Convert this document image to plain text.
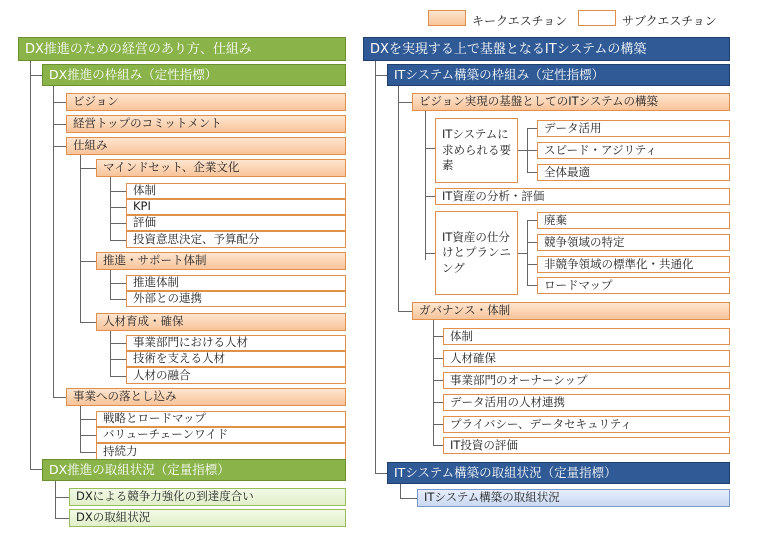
キークエスチョン	サブクエスチョン
DX推進のための経営のあり方、仕組み
DX推進の枠組み（定性指標）
ビジョン
経営トップのコミットメント
仕組み
マインドセット、企業文化
体制
KPI
評価
投資意思決定、予算配分
推進・サポート体制
推進体制
外部との連携
人材育成・確保
事業部門における人材
技術を支える人材
人材の融合
事業への落とし込み
戦略とロードマップ
バリューチェーンワイド
持続力
DX推進の取組状況（定量指標）
DXによる競争力強化の到達度合い
DXの取組状況
DXを実現する上で基盤となるITシステムの構築
ITシステム構築の枠組み（定性指標）
ビジョン実現の基盤としてのITシステムの構築
ITシステムに求められる要素
データ活用
スピード・アジリティ
全体最適
IT資産の分析・評価
IT資産の仕分けとプランニング
廃棄
競争領域の特定
非競争領域の標準化・共通化
ロードマップ
ガバナンス・体制
体制
人材確保
事業部門のオーナーシップ
データ活用の人材連携
プライバシー、データセキュリティ
IT投資の評価
ITシステム構築の取組状況（定量指標）
ITシステム構築の取組状況
